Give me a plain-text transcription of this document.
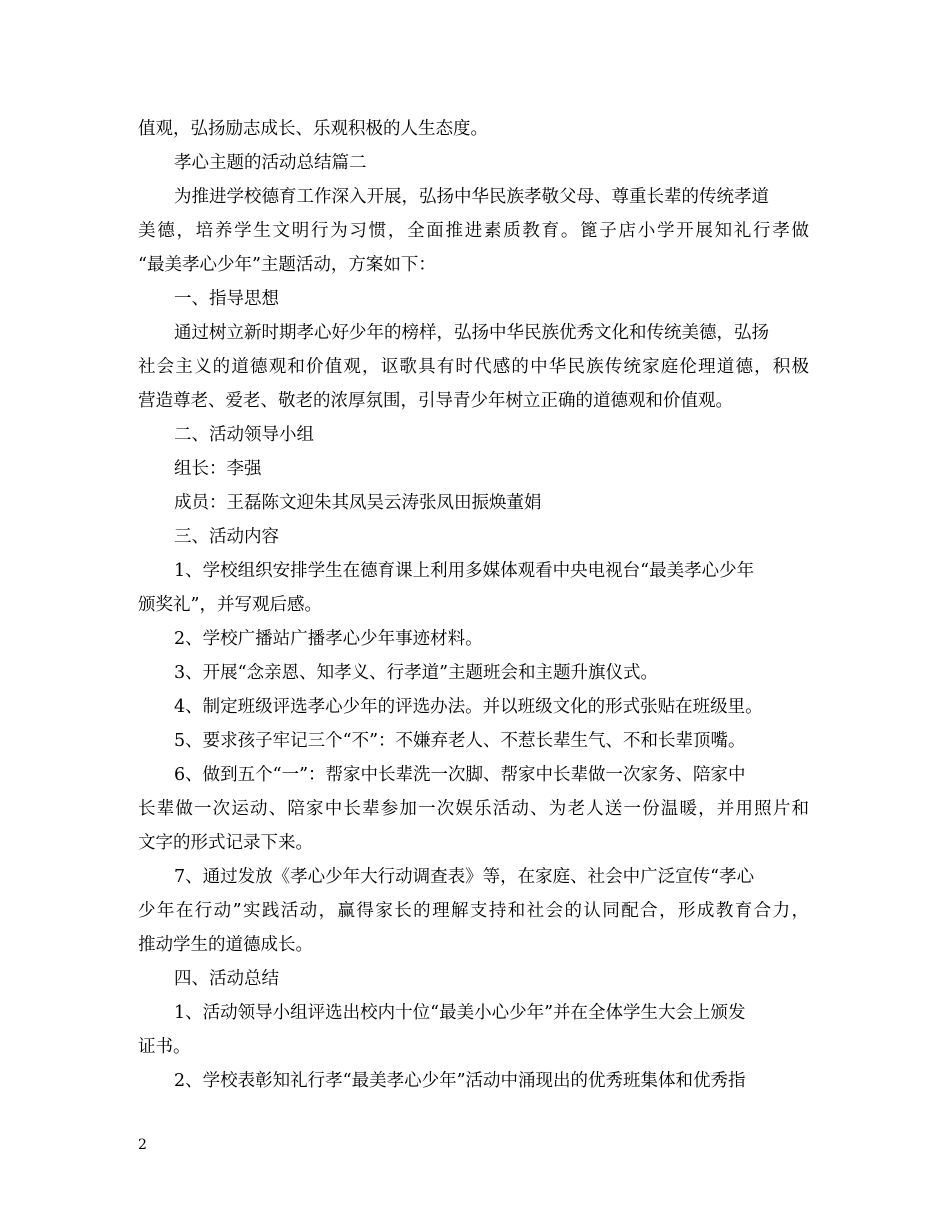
值观，弘扬励志成长、乐观积极的人生态度。
孝心主题的活动总结篇二
为推进学校德育工作深入开展，弘扬中华民族孝敬父母、尊重长辈的传统孝道
美德，培养学生文明行为习惯，全面推进素质教育。篦子店小学开展知礼行孝做
“最美孝心少年”主题活动，方案如下：
一、指导思想
通过树立新时期孝心好少年的榜样，弘扬中华民族优秀文化和传统美德，弘扬
社会主义的道德观和价值观，讴歌具有时代感的中华民族传统家庭伦理道德，积极
营造尊老、爱老、敬老的浓厚氛围，引导青少年树立正确的道德观和价值观。
二、活动领导小组
组长：李强
成员：王磊陈文迎朱其凤吴云涛张凤田振焕董娟
三、活动内容
1、学校组织安排学生在德育课上利用多媒体观看中央电视台“最美孝心少年
颁奖礼”，并写观后感。
2、学校广播站广播孝心少年事迹材料。
3、开展“念亲恩、知孝义、行孝道”主题班会和主题升旗仪式。
4、制定班级评选孝心少年的评选办法。并以班级文化的形式张贴在班级里。
5、要求孩子牢记三个“不”：不嫌弃老人、不惹长辈生气、不和长辈顶嘴。
6、做到五个“一”：帮家中长辈洗一次脚、帮家中长辈做一次家务、陪家中
长辈做一次运动、陪家中长辈参加一次娱乐活动、为老人送一份温暖，并用照片和
文字的形式记录下来。
7、通过发放《孝心少年大行动调查表》等，在家庭、社会中广泛宣传“孝心
少年在行动”实践活动，赢得家长的理解支持和社会的认同配合，形成教育合力，
推动学生的道德成长。
四、活动总结
1、活动领导小组评选出校内十位“最美小心少年”并在全体学生大会上颁发
证书。
2、学校表彰知礼行孝“最美孝心少年”活动中涌现出的优秀班集体和优秀指
2
